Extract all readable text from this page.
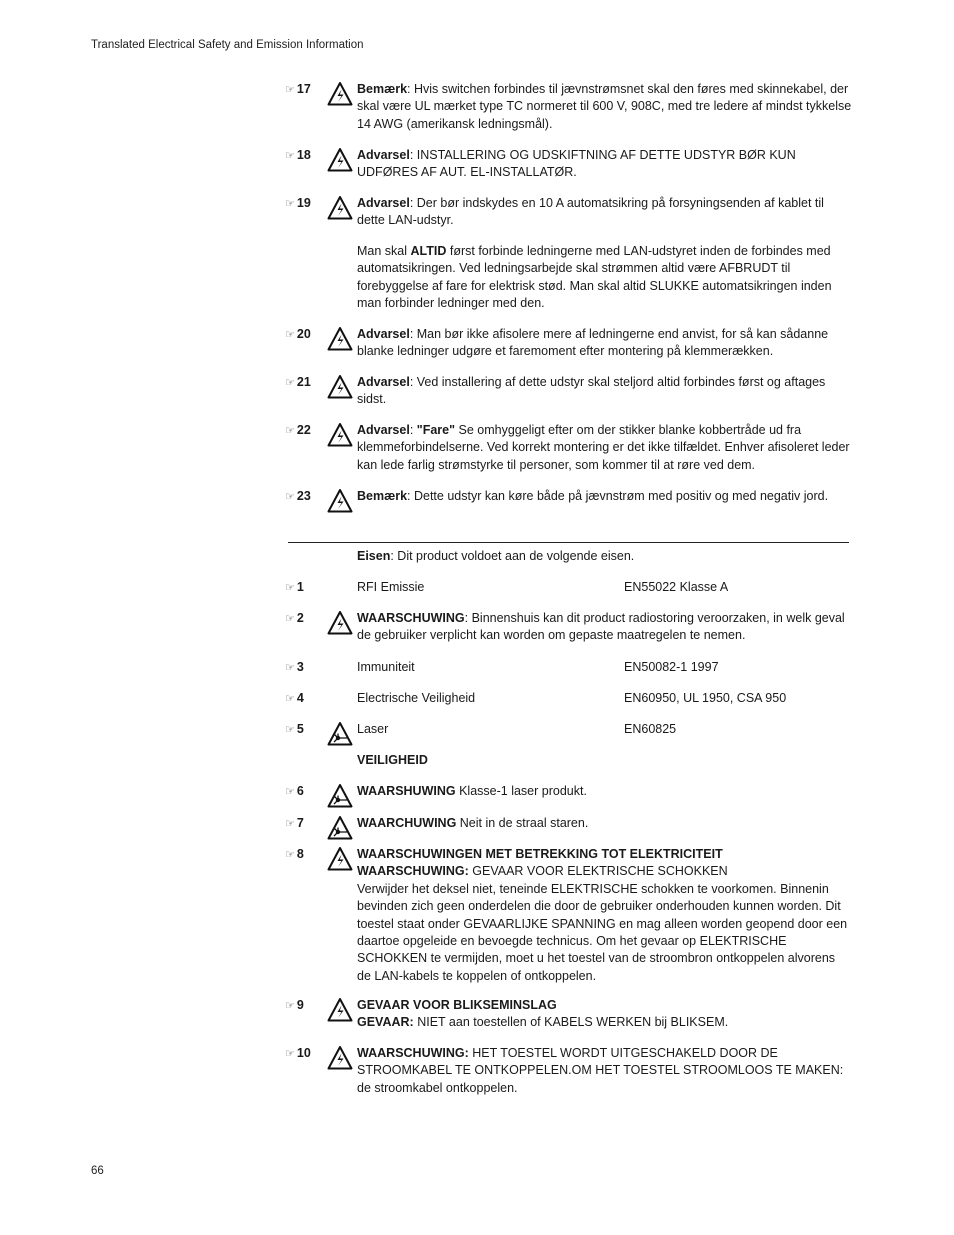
Translated Electrical Safety and Emission Information
☞ 17	Bemærk: Hvis switchen forbindes til jævnstrømsnet skal den føres med skinnekabel, der skal være UL mærket type TC normeret til 600 V, 908C, med tre ledere af mindst tykkelse 14 AWG (amerikansk ledningsmål).

☞ 18	Advarsel: INSTALLERING OG UDSKIFTNING AF DETTE UDSTYR BØR KUN UDFØRES AF AUT. EL-INSTALLATØR.

☞ 19	Advarsel: Der bør indskydes en 10 A automatsikring på forsyningsenden af kablet til dette LAN-udstyr.

Man skal ALTID først forbinde ledningerne med LAN-udstyret inden de forbindes med automatsikringen. Ved ledningsarbejde skal strømmen altid være AFBRUDT til forebyggelse af fare for elektrisk stød. Man skal altid SLUKKE automatsikringen inden man forbinder ledninger med den.

☞ 20	Advarsel: Man bør ikke afisolere mere af ledningerne end anvist, for så kan sådanne blanke ledninger udgøre et faremoment efter montering på klemmerækken.

☞ 21	Advarsel: Ved installering af dette udstyr skal steljord altid forbindes først og aftages sidst.

☞ 22	Advarsel: "Fare" Se omhyggeligt efter om der stikker blanke kobbertråde ud fra klemmeforbindelserne. Ved korrekt montering er det ikke tilfældet. Enhver afisoleret leder kan lede farlig strømstyrke til personer, som kommer til at røre ved dem.

☞ 23	Bemærk: Dette udstyr kan køre både på jævnstrøm med positiv og med negativ jord.

Eisen: Dit product voldoet aan de volgende eisen.

☞ 1	RFI Emissie	EN55022 Klasse A
☞ 2	WAARSCHUWING: Binnenshuis kan dit product radiostoring veroorzaken, in welk geval de gebruiker verplicht kan worden om gepaste maatregelen te nemen.

☞ 3	Immuniteit	EN50082-1 1997
☞ 4	Electrische Veiligheid	EN60950, UL 1950, CSA 950
☞ 5	Laser	EN60825

VEILIGHEID

☞ 6	WAARSHUWING Klasse-1 laser produkt.

☞ 7	WAARCHUWING Neit in de straal staren.

☞ 8	WAARSCHUWINGEN MET BETREKKING TOT ELEKTRICITEIT

WAARSCHUWING: GEVAAR VOOR ELEKTRISCHE SCHOKKEN

Verwijder het deksel niet, teneinde ELEKTRISCHE schokken te voorkomen. Binnenin bevinden zich geen onderdelen die door de gebruiker onderhouden kunnen worden. Dit toestel staat onder GEVAARLIJKE SPANNING en mag alleen worden geopend door een daartoe opgeleide en bevoegde technicus. Om het gevaar op ELEKTRISCHE SCHOKKEN te vermijden, moet u het toestel van de stroombron ontkoppelen alvorens de LAN-kabels te koppelen of ontkoppelen.

☞ 9	GEVAAR VOOR BLIKSEMINSLAG

GEVAAR: NIET aan toestellen of KABELS WERKEN bij BLIKSEM.

☞ 10	WAARSCHUWING: HET TOESTEL WORDT UITGESCHAKELD DOOR DE STROOMKABEL TE ONTKOPPELEN.OM HET TOESTEL STROOMLOOS TE MAKEN: de stroomkabel ontkoppelen.

66
